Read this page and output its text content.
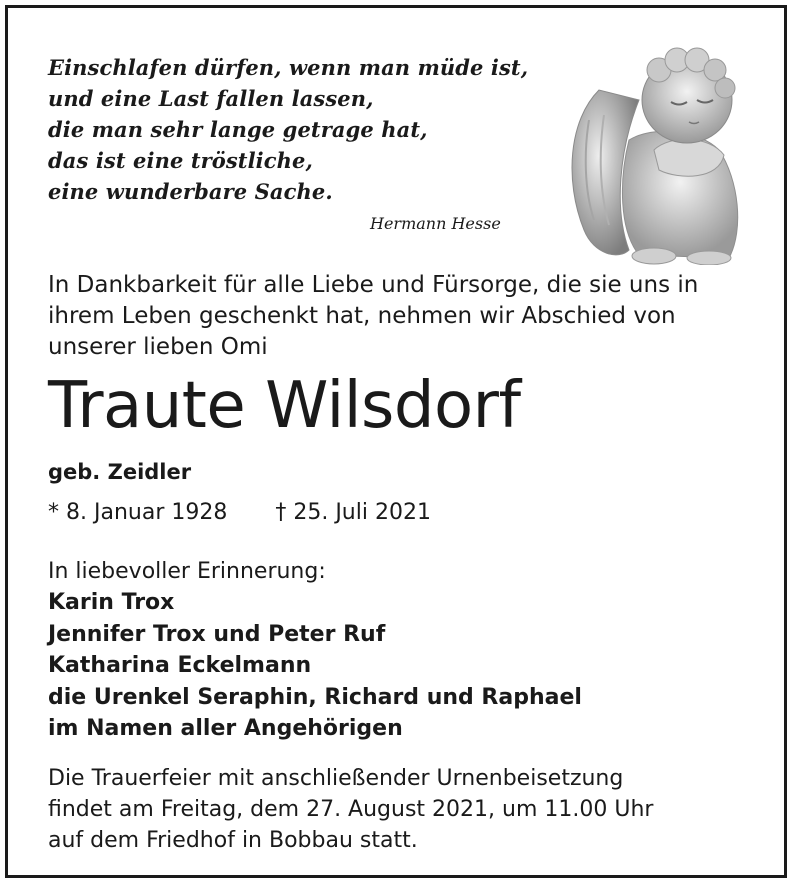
Einschlafen dürfen, wenn man müde ist,
und eine Last fallen lassen,
die man sehr lange getrage hat,
das ist eine tröstliche,
eine wunderbare Sache.
Hermann Hesse
In Dankbarkeit für alle Liebe und Fürsorge, die sie uns in
ihrem Leben geschenkt hat, nehmen wir Abschied von
unserer lieben Omi
Traute Wilsdorf
geb. Zeidler
* 8. Januar 1928 † 25. Juli 2021
In liebevoller Erinnerung:
Karin Trox
Jennifer Trox und Peter Ruf
Katharina Eckelmann
die Urenkel Seraphin, Richard und Raphael
im Namen aller Angehörigen
Die Trauerfeier mit anschließender Urnenbeisetzung
findet am Freitag, dem 27. August 2021, um 11.00 Uhr
auf dem Friedhof in Bobbau statt.
